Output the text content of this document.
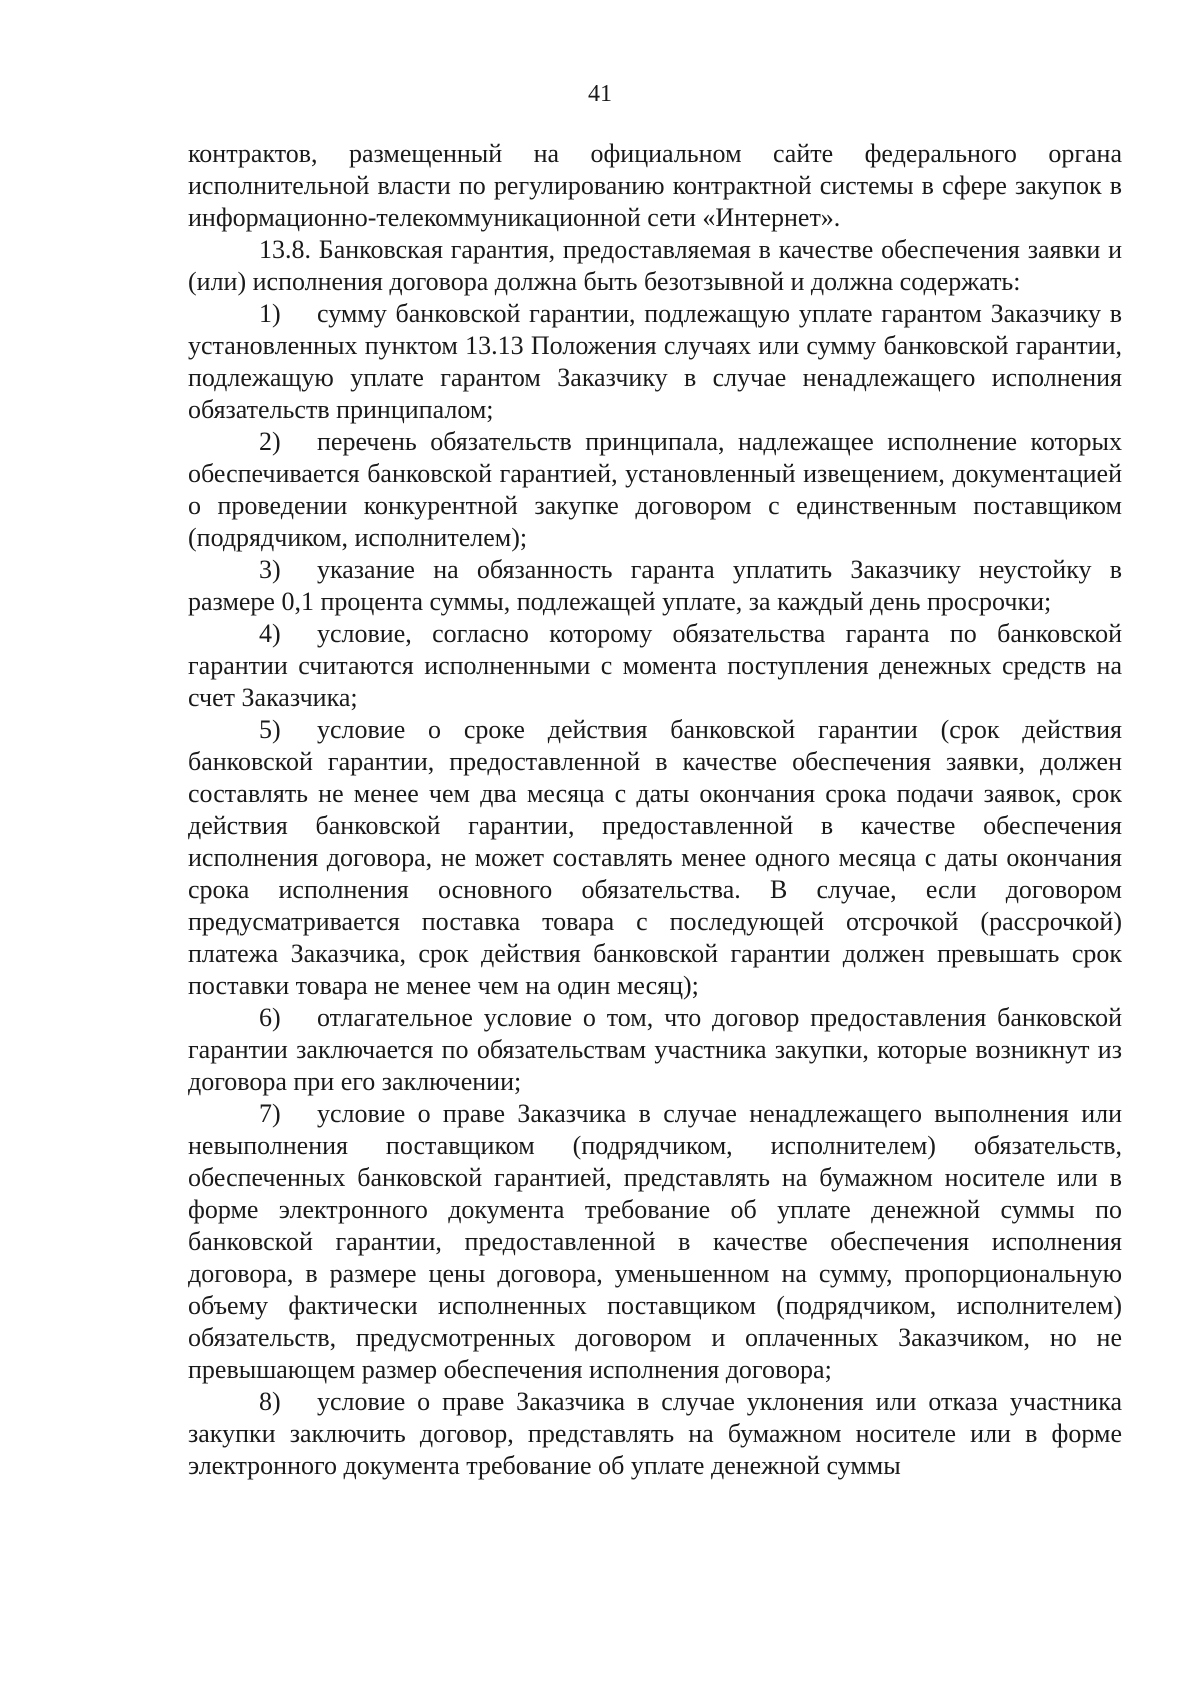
41

контрактов, размещенный на официальном сайте федерального органа исполнительной власти по регулированию контрактной системы в сфере закупок в информационно-телекоммуникационной сети «Интернет».

13.8. Банковская гарантия, предоставляемая в качестве обеспечения заявки и (или) исполнения договора должна быть безотзывной и должна содержать:

1) сумму банковской гарантии, подлежащую уплате гарантом Заказчику в установленных пунктом 13.13 Положения случаях или сумму банковской гарантии, подлежащую уплате гарантом Заказчику в случае ненадлежащего исполнения обязательств принципалом;

2) перечень обязательств принципала, надлежащее исполнение которых обеспечивается банковской гарантией, установленный извещением, документацией о проведении конкурентной закупке договором с единственным поставщиком (подрядчиком, исполнителем);

3) указание на обязанность гаранта уплатить Заказчику неустойку в размере 0,1 процента суммы, подлежащей уплате, за каждый день просрочки;

4) условие, согласно которому обязательства гаранта по банковской гарантии считаются исполненными с момента поступления денежных средств на счет Заказчика;

5) условие о сроке действия банковской гарантии (срок действия банковской гарантии, предоставленной в качестве обеспечения заявки, должен составлять не менее чем два месяца с даты окончания срока подачи заявок, срок действия банковской гарантии, предоставленной в качестве обеспечения исполнения договора, не может составлять менее одного месяца с даты окончания срока исполнения основного обязательства. В случае, если договором предусматривается поставка товара с последующей отсрочкой (рассрочкой) платежа Заказчика, срок действия банковской гарантии должен превышать срок поставки товара не менее чем на один месяц);

6) отлагательное условие о том, что договор предоставления банковской гарантии заключается по обязательствам участника закупки, которые возникнут из договора при его заключении;

7) условие о праве Заказчика в случае ненадлежащего выполнения или невыполнения поставщиком (подрядчиком, исполнителем) обязательств, обеспеченных банковской гарантией, представлять на бумажном носителе или в форме электронного документа требование об уплате денежной суммы по банковской гарантии, предоставленной в качестве обеспечения исполнения договора, в размере цены договора, уменьшенном на сумму, пропорциональную объему фактически исполненных поставщиком (подрядчиком, исполнителем) обязательств, предусмотренных договором и оплаченных Заказчиком, но не превышающем размер обеспечения исполнения договора;

8) условие о праве Заказчика в случае уклонения или отказа участника закупки заключить договор, представлять на бумажном носителе или в форме электронного документа требование об уплате денежной суммы
